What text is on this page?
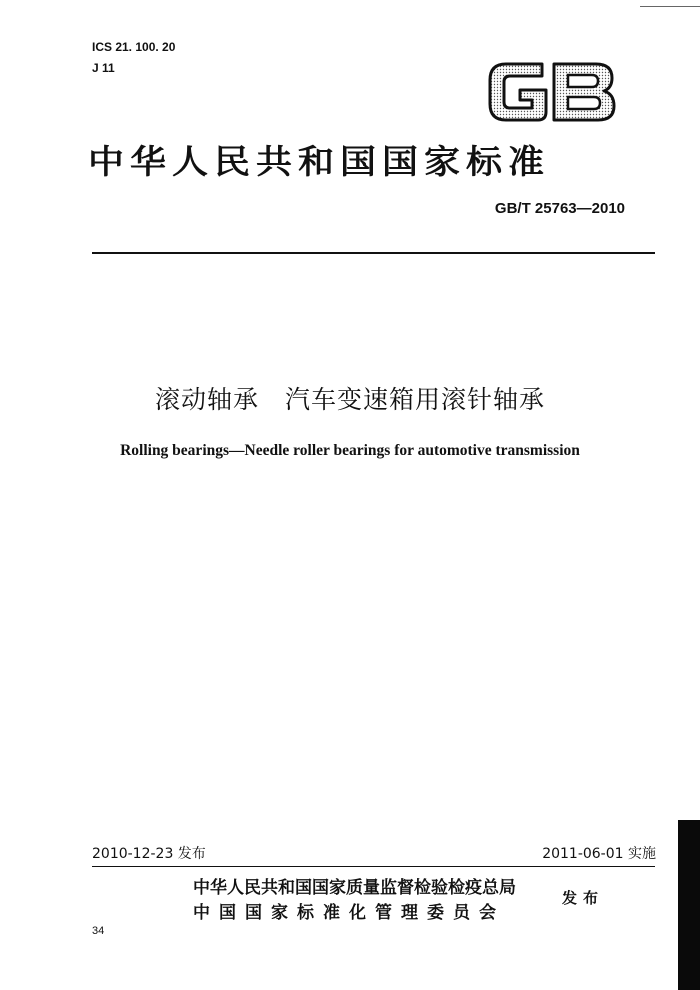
ICS 21. 100. 20
J 11
中华人民共和国国家标准
GB/T 25763—2010
滚动轴承　汽车变速箱用滚针轴承
Rolling bearings—Needle roller bearings for automotive transmission
2010-12-23 发布	2011-06-01 实施
中华人民共和国国家质量监督检验检疫总局
中国国家标准化管理委员会
发布
34
